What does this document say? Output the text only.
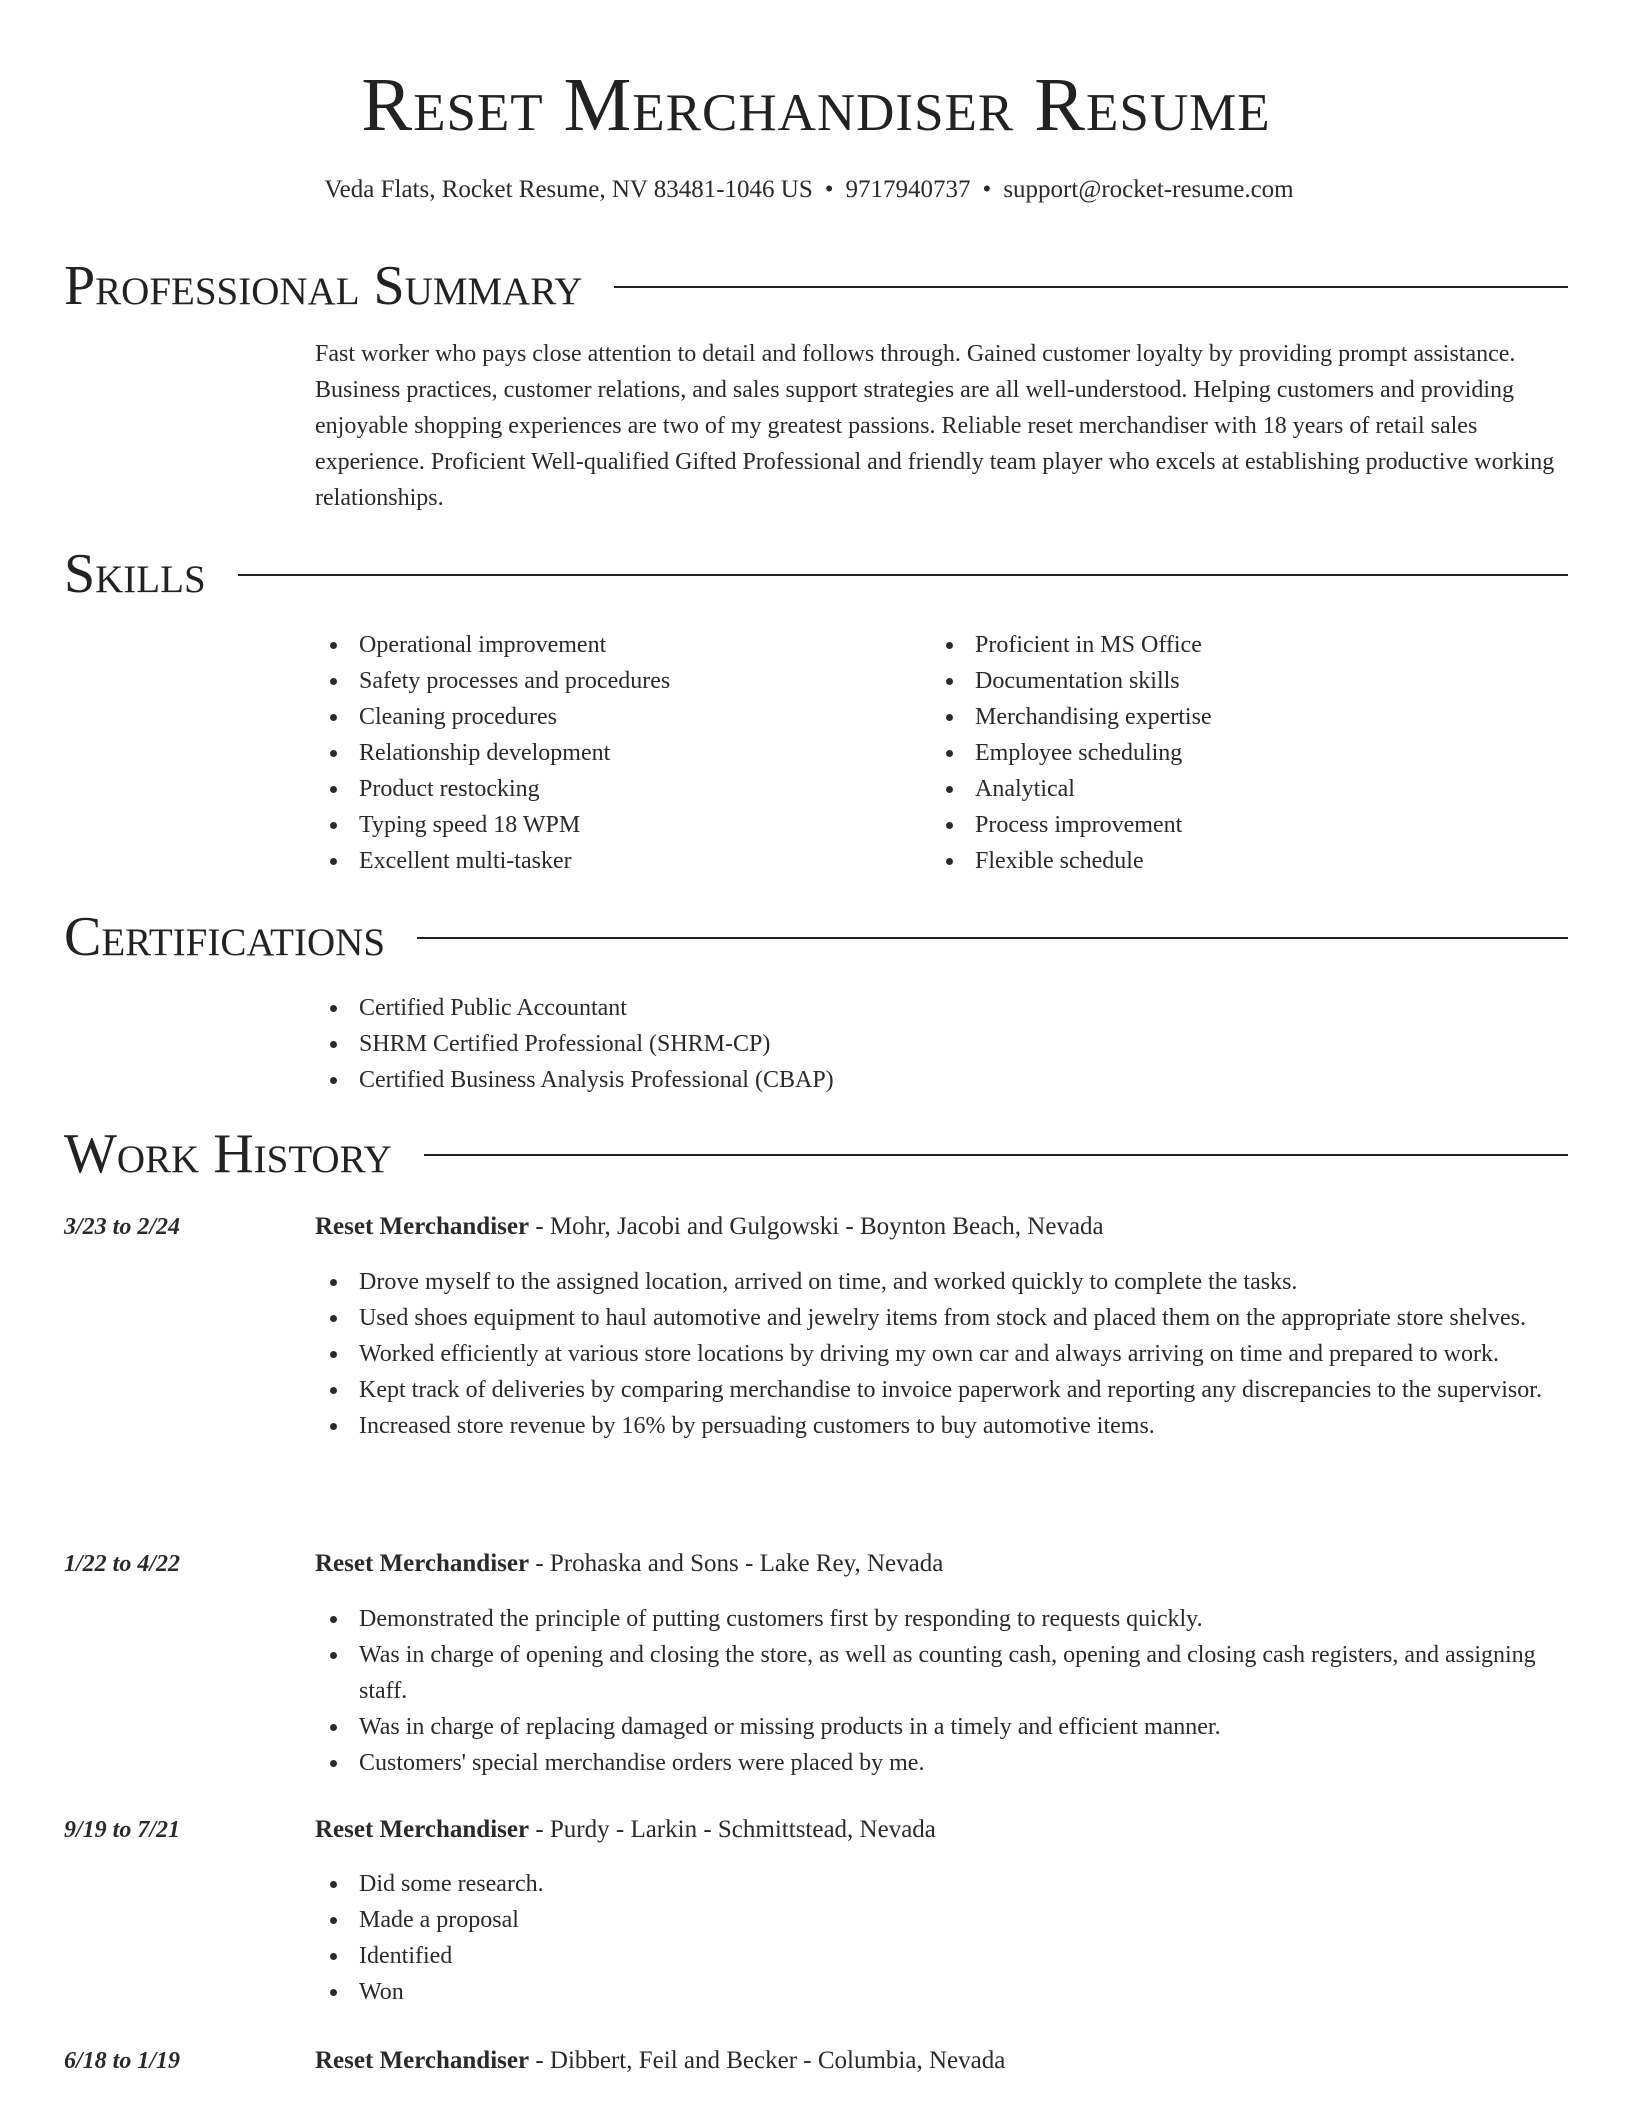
Reset Merchandiser Resume
Veda Flats, Rocket Resume, NV 83481-1046 US • 9717940737 • support@rocket-resume.com
Professional Summary

Fast worker who pays close attention to detail and follows through. Gained customer loyalty by providing prompt assistance. Business practices, customer relations, and sales support strategies are all well-understood. Helping customers and providing enjoyable shopping experiences are two of my greatest passions. Reliable reset merchandiser with 18 years of retail sales experience. Proficient Well-qualified Gifted Professional and friendly team player who excels at establishing productive working relationships.

Skills
Operational improvement
Safety processes and procedures
Cleaning procedures
Relationship development
Product restocking
Typing speed 18 WPM
Excellent multi-tasker
Proficient in MS Office
Documentation skills
Merchandising expertise
Employee scheduling
Analytical
Process improvement
Flexible schedule
Certifications
Certified Public Accountant
SHRM Certified Professional (SHRM-CP)
Certified Business Analysis Professional (CBAP)
Work History
3/23 to 2/24	Reset Merchandiser - Mohr, Jacobi and Gulgowski - Boynton Beach, Nevada
Drove myself to the assigned location, arrived on time, and worked quickly to complete the tasks.
Used shoes equipment to haul automotive and jewelry items from stock and placed them on the appropriate store shelves.
Worked efficiently at various store locations by driving my own car and always arriving on time and prepared to work.
Kept track of deliveries by comparing merchandise to invoice paperwork and reporting any discrepancies to the supervisor.
Increased store revenue by 16% by persuading customers to buy automotive items.
1/22 to 4/22	Reset Merchandiser - Prohaska and Sons - Lake Rey, Nevada
Demonstrated the principle of putting customers first by responding to requests quickly.
Was in charge of opening and closing the store, as well as counting cash, opening and closing cash registers, and assigning staff.
Was in charge of replacing damaged or missing products in a timely and efficient manner.
Customers' special merchandise orders were placed by me.
9/19 to 7/21	Reset Merchandiser - Purdy - Larkin - Schmittstead, Nevada
Did some research.
Made a proposal
Identified
Won
6/18 to 1/19	Reset Merchandiser - Dibbert, Feil and Becker - Columbia, Nevada
